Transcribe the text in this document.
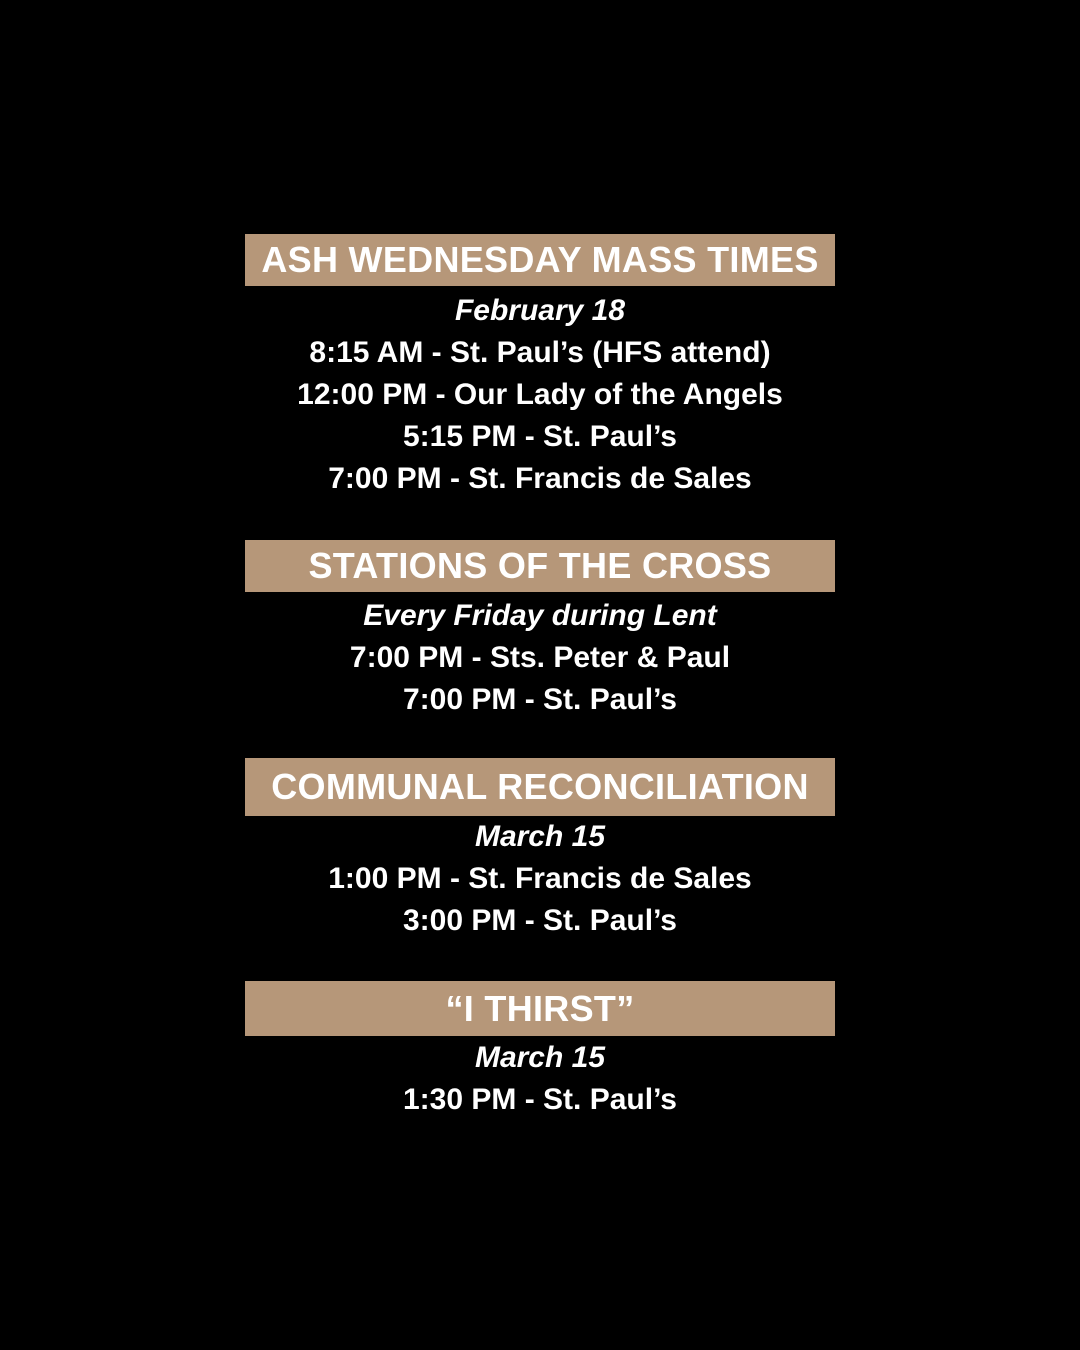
ASH WEDNESDAY MASS TIMES
February 18
8:15 AM - St. Paul’s (HFS attend)
12:00 PM - Our Lady of the Angels
5:15 PM - St. Paul’s
7:00 PM - St. Francis de Sales
STATIONS OF THE CROSS
Every Friday during Lent
7:00 PM - Sts. Peter & Paul
7:00 PM - St. Paul’s
COMMUNAL RECONCILIATION
March 15
1:00 PM - St. Francis de Sales
3:00 PM - St. Paul’s
“I THIRST”
March 15
1:30 PM - St. Paul’s
